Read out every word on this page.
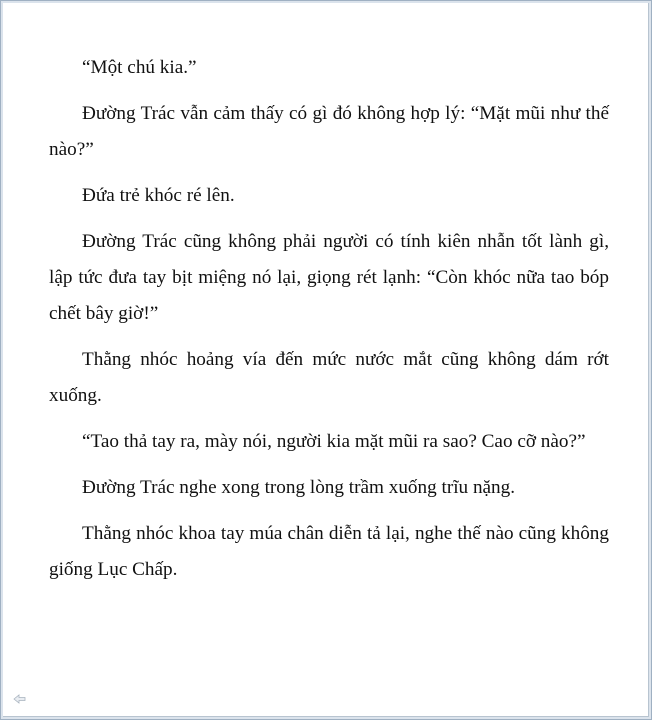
“Một chú kia.”

Đường Trác vẫn cảm thấy có gì đó không hợp lý: “Mặt mũi như thế nào?”

Đứa trẻ khóc ré lên.

Đường Trác cũng không phải người có tính kiên nhẫn tốt lành gì, lập tức đưa tay bịt miệng nó lại, giọng rét lạnh: “Còn khóc nữa tao bóp chết bây giờ!”

Thằng nhóc hoảng vía đến mức nước mắt cũng không dám rớt xuống.

“Tao thả tay ra, mày nói, người kia mặt mũi ra sao? Cao cỡ nào?”

Đường Trác nghe xong trong lòng trầm xuống trĩu nặng.

Thằng nhóc khoa tay múa chân diễn tả lại, nghe thế nào cũng không giống Lục Chấp.
